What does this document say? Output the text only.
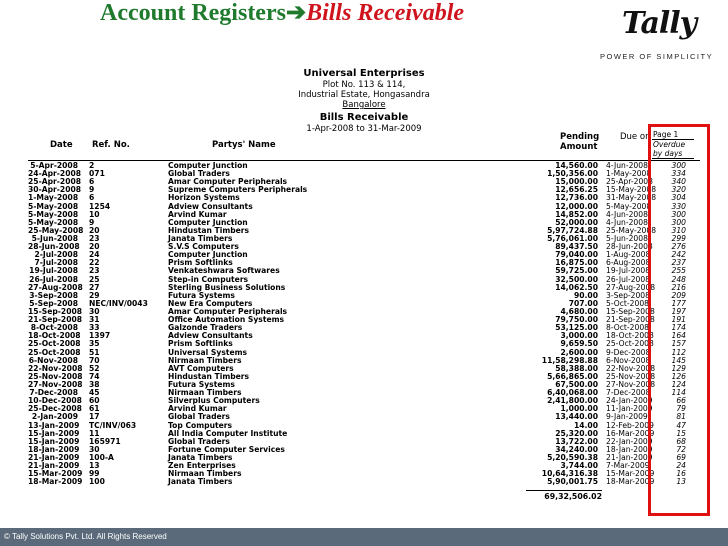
Account Registers➔Bills Receivable	Tally
POWER OF SIMPLICITY
Universal Enterprises
Plot No. 113 & 114,
Industrial Estate, Hongasandra
Bangalore
Bills Receivable
1-Apr-2008 to 31-Mar-2009
Page 1
Overdue
by days
Date Ref. No.	Partys' Name
Pending
Amount
Due on
5-Apr-2008 2	Computer Junction	14,560.00 4-Jun-2008	300
24-Apr-2008 071	Global Traders	1,50,356.00 1-May-2008	334
25-Apr-2008 6	Amar Computer Peripherals	15,000.00 25-Apr-2008	340
30-Apr-2008 9	Supreme Computers Peripherals	12,656.25 15-May-2008	320
1-May-2008 6	Horizon Systems	12,736.00 31-May-2008	304
5-May-2008 1254	Adview Consultants	12,000.00 5-May-2008	330
5-May-2008 10	Arvind Kumar	14,852.00 4-Jun-2008	300
5-May-2008 9	Computer Junction	52,000.00 4-Jun-2008	300
25-May-2008 20	Hindustan Timbers	5,97,724.88 25-May-2008	310
5-Jun-2008 23	Janata Timbers	5,76,061.00 5-Jun-2008	299
28-Jun-2008 20	S.V.S Computers	89,437.50 28-Jun-2008	276
2-Jul-2008 24	Computer Junction	79,040.00 1-Aug-2008	242
7-Jul-2008 22	Prism Softlinks	16,875.00 6-Aug-2008	237
19-Jul-2008 23	Venkateshwara Softwares	59,725.00 19-Jul-2008	255
26-Jul-2008 25	Step-in Computers	32,500.00 26-Jul-2008	248
27-Aug-2008 27	Sterling Business Solutions	14,062.50 27-Aug-2008	216
3-Sep-2008 29	Futura Systems	90.00 3-Sep-2008	209
5-Sep-2008 NEC/INV/0043	New Era Computers	707.00 5-Oct-2008	177
15-Sep-2008 30	Amar Computer Peripherals	4,680.00 15-Sep-2008	197
21-Sep-2008 31	Office Automation Systems	79,750.00 21-Sep-2008	191
8-Oct-2008 33	Galzonde Traders	53,125.00 8-Oct-2008	174
18-Oct-2008 1397	Adview Consultants	3,000.00 18-Oct-2008	164
25-Oct-2008 35	Prism Softlinks	9,659.50 25-Oct-2008	157
25-Oct-2008 51	Universal Systems	2,600.00 9-Dec-2008	112
6-Nov-2008 70	Nirmaan Timbers	11,58,298.88 6-Nov-2008	145
22-Nov-2008 52	AVT Computers	58,388.00 22-Nov-2008	129
25-Nov-2008 74	Hindustan Timbers	5,66,865.00 25-Nov-2008	126
27-Nov-2008 38	Futura Systems	67,500.00 27-Nov-2008	124
7-Dec-2008 45	Nirmaan Timbers	6,40,068.00 7-Dec-2008	114
10-Dec-2008 60	Silverplus Computers	2,41,800.00 24-Jan-2009	66
25-Dec-2008 61	Arvind Kumar	1,000.00 11-Jan-2009	79
2-Jan-2009 17	Global Traders	13,440.00 9-Jan-2009	81
13-Jan-2009 TC/INV/063	Top Computers	14.00 12-Feb-2009	47
15-Jan-2009 11	All India Computer Institute	25,320.00 16-Mar-2009	15
15-Jan-2009 165971	Global Traders	13,722.00 22-Jan-2009	68
18-Jan-2009 30	Fortune Computer Services	34,240.00 18-Jan-2009	72
21-Jan-2009 100-A	Janata Timbers	5,20,590.38 21-Jan-2009	69
21-Jan-2009 13	Zen Enterprises	3,744.00 7-Mar-2009	24
15-Mar-2009 99	Nirmaan Timbers	10,64,316.38 15-Mar-2009	16
18-Mar-2009 100	Janata Timbers	5,90,001.75 18-Mar-2009	13
69,32,506.02
© Tally Solutions Pvt. Ltd. All Rights Reserved
